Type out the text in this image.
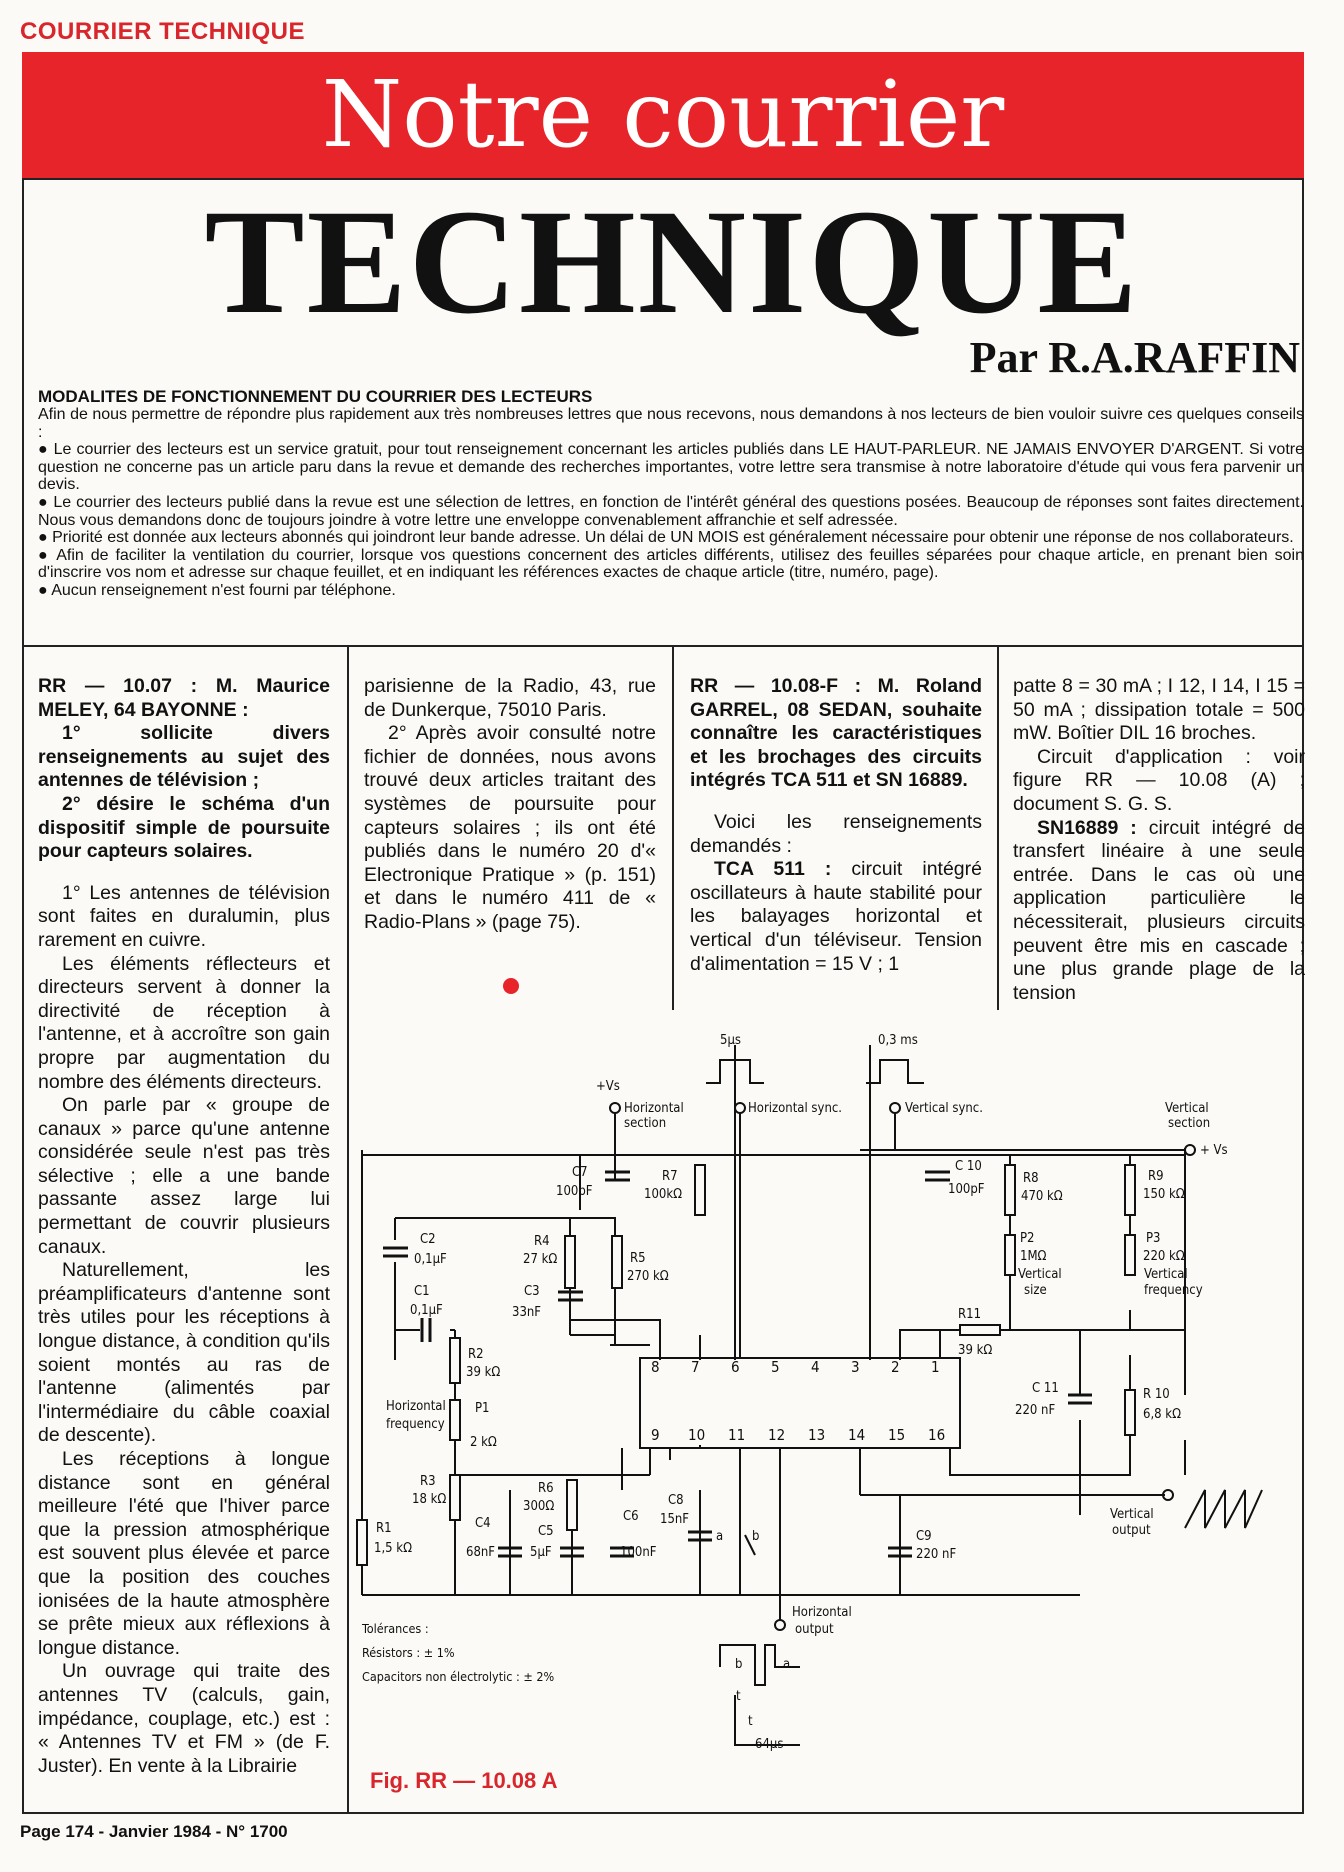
COURRIER TECHNIQUE
Notre courrier
TECHNIQUE
Par R.A.RAFFIN
MODALITES DE FONCTIONNEMENT DU COURRIER DES LECTEURS

Afin de nous permettre de répondre plus rapidement aux très nombreuses lettres que nous recevons, nous demandons à nos lecteurs de bien vouloir suivre ces quelques conseils :

● Le courrier des lecteurs est un service gratuit, pour tout renseignement concernant les articles publiés dans LE HAUT-PARLEUR. NE JAMAIS ENVOYER D'ARGENT. Si votre question ne concerne pas un article paru dans la revue et demande des recherches importantes, votre lettre sera transmise à notre laboratoire d'étude qui vous fera parvenir un devis.

● Le courrier des lecteurs publié dans la revue est une sélection de lettres, en fonction de l'intérêt général des questions posées. Beaucoup de réponses sont faites directement. Nous vous demandons donc de toujours joindre à votre lettre une enveloppe convenablement affranchie et self adressée.

● Priorité est donnée aux lecteurs abonnés qui joindront leur bande adresse. Un délai de UN MOIS est généralement nécessaire pour obtenir une réponse de nos collaborateurs.

● Afin de faciliter la ventilation du courrier, lorsque vos questions concernent des articles différents, utilisez des feuilles séparées pour chaque article, en prenant bien soin d'inscrire vos nom et adresse sur chaque feuillet, et en indiquant les références exactes de chaque article (titre, numéro, page).

● Aucun renseignement n'est fourni par téléphone.

RR — 10.07 : M. Maurice MELEY, 64 BAYONNE :

1° sollicite divers renseignements au sujet des antennes de télévision ;

2° désire le schéma d'un dispositif simple de poursuite pour capteurs solaires.

1° Les antennes de télévision sont faites en duralumin, plus rarement en cuivre.

Les éléments réflecteurs et directeurs servent à donner la directivité de réception à l'antenne, et à accroître son gain propre par augmentation du nombre des éléments directeurs.

On parle par « groupe de canaux » parce qu'une antenne considérée seule n'est pas très sélective ; elle a une bande passante assez large lui permettant de couvrir plusieurs canaux.

Naturellement, les préamplificateurs d'antenne sont très utiles pour les réceptions à longue distance, à condition qu'ils soient montés au ras de l'antenne (alimentés par l'intermédiaire du câble coaxial de descente).

Les réceptions à longue distance sont en général meilleure l'été que l'hiver parce que la pression atmosphérique est souvent plus élevée et parce que la position des couches ionisées de la haute atmosphère se prête mieux aux réflexions à longue distance.

Un ouvrage qui traite des antennes TV (calculs, gain, impédance, couplage, etc.) est : « Antennes TV et FM » (de F. Juster). En vente à la Librairie

parisienne de la Radio, 43, rue de Dunkerque, 75010 Paris.

2° Après avoir consulté notre fichier de données, nous avons trouvé deux articles traitant des systèmes de poursuite pour capteurs solaires ; ils ont été publiés dans le numéro 20 d'« Electronique Pratique » (p. 151) et dans le numéro 411 de « Radio-Plans » (page 75).

RR — 10.08-F : M. Roland GARREL, 08 SEDAN, souhaite connaître les caractéristiques et les brochages des circuits intégrés TCA 511 et SN 16889.

Voici les renseignements demandés :

TCA 511 : circuit intégré oscillateurs à haute stabilité pour les balayages horizontal et vertical d'un téléviseur. Tension d'alimentation = 15 V ; 1

patte 8 = 30 mA ; I 12, I 14, I 15 = 50 mA ; dissipation totale = 500 mW. Boîtier DIL 16 broches.

Circuit d'application : voir figure RR — 10.08 (A) ; document S. G. S.

SN16889 : circuit intégré de transfert linéaire à une seule entrée. Dans le cas où une application particulière le nécessiterait, plusieurs circuits peuvent être mis en cascade ; une plus grande plage de la tension

+Vs
Horizontal
section
Horizontal sync.	Vertical sync.	Vertical
section
+ Vs
5µs	0,3 ms
C7
100pF
R7
100kΩ
C 10
100pF
R8
470 kΩ
R9
150 kΩ
C2
0,1µF
R4
27 kΩ	R5
270 kΩ
C3
33nF
C1
0,1µF
P2
1MΩ
Vertical
size
P3
220 kΩ
Vertical
frequency
R11
39 kΩ
R2
39 kΩ
P1
2 kΩ
Horizontal
frequency
C 11
220 nF
R 10
6,8 kΩ
R6
300Ω
R3
18 kΩ	C8
15nF
C4
68nF
C5
5µF
C6
100nF
R1
1,5 kΩ
C9
220 nF
8 7 6 5 4 3 2 1
9 10 11 12 13 14 15 16
a b
Vertical
output
Horizontal
output
b	a
t
t
64µs
Tolérances :
Résistors : ± 1%
Capacitors non électrolytic : ± 2%
Fig. RR — 10.08 A
Page 174 - Janvier 1984 - N° 1700
